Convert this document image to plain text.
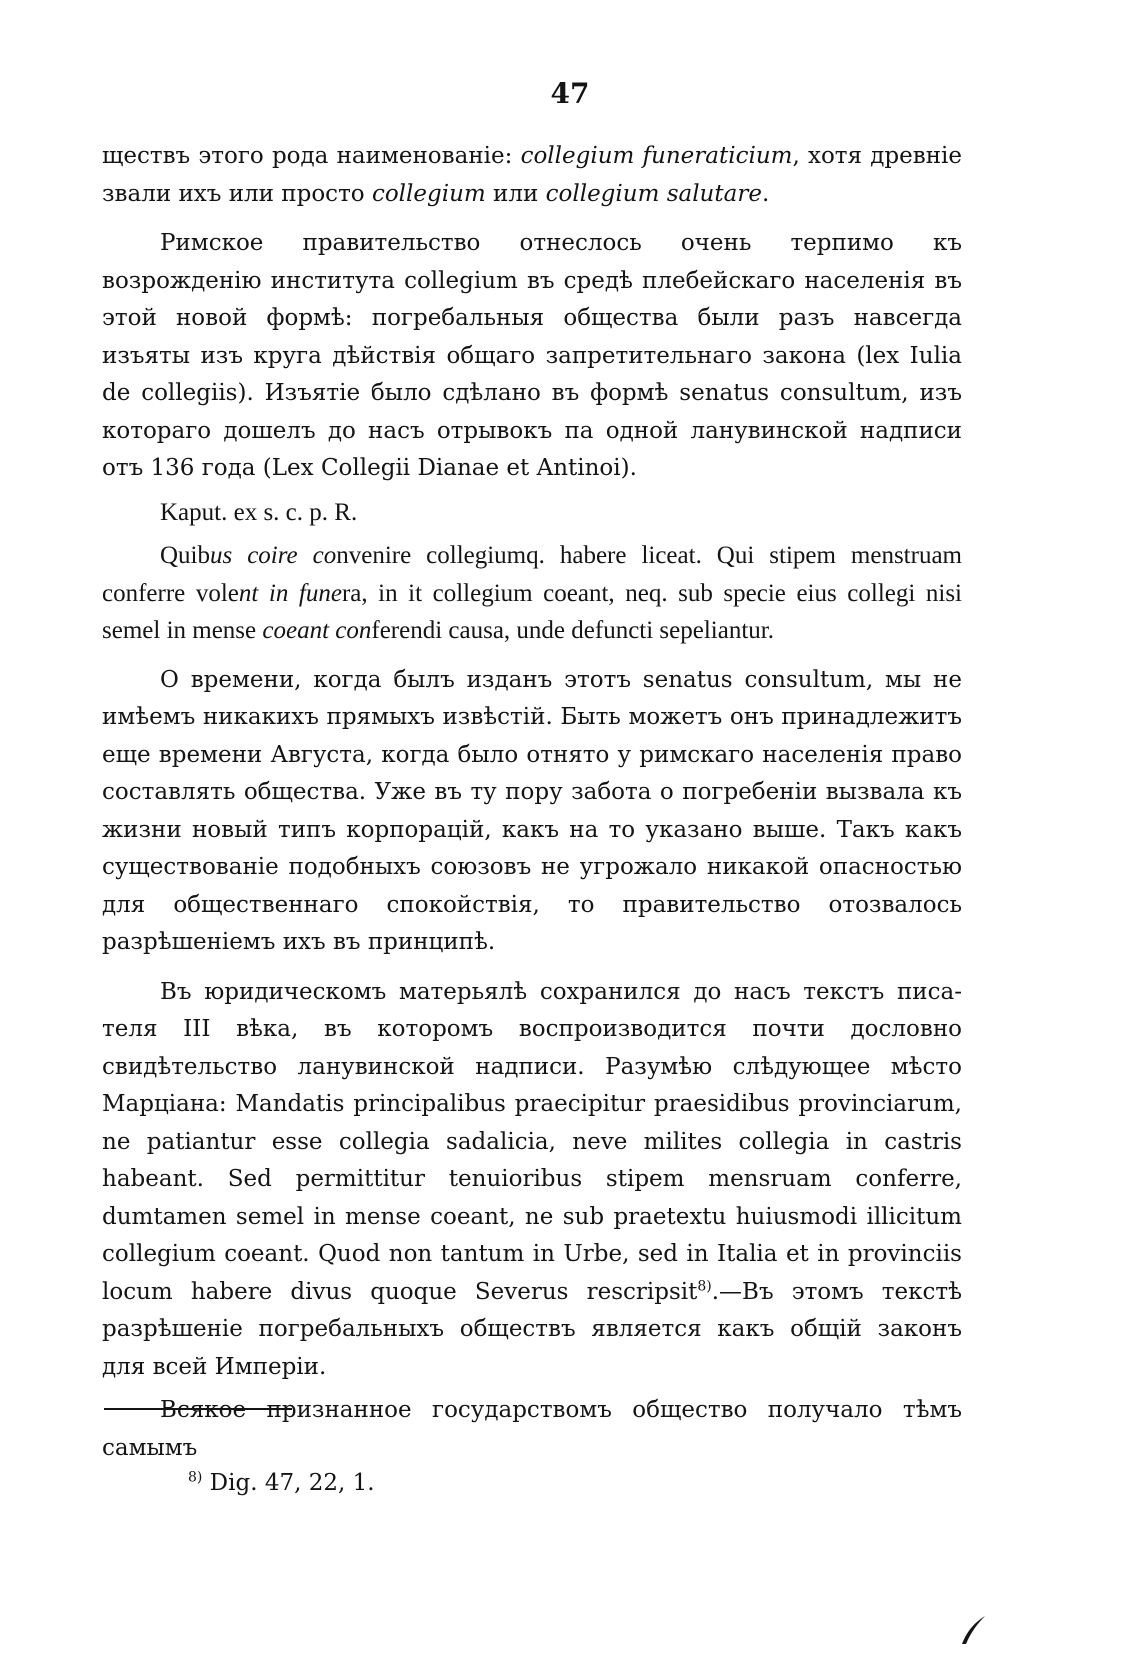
47

ществъ этого рода наименованіе: collegium funeraticium, хотя древніе звали ихъ или просто collegium или collegium salutare.

Римское правительство отнеслось очень терпимо къ возрожденію института collegium въ средѣ плебейскаго населенія въ этой новой формѣ: погребальныя общества были разъ навсегда изъяты изъ круга дѣйствія общаго запретительнаго закона (lex Iulia de collegiis). Изъятіе было сдѣлано въ формѣ senatus consultum, изъ котораго дошелъ до насъ отрывокъ па одной ланувинской надписи отъ 136 года (Lex Collegii Dianae et Antinoi).

Kaput. ex s. c. p. R.

Quibus coire convenire collegiumq. habere liceat. Qui stipem menstruam conferre volent in funera, in it collegium coeant, neq. sub specie eius collegi nisi semel in mense coeant conferendi causa, unde defuncti sepeliantur.

О времени, когда былъ изданъ этотъ senatus consultum, мы не имѣемъ никакихъ прямыхъ извѣстій. Быть можетъ онъ принадлежитъ еще времени Августа, когда было отнято у римскаго населенія право составлять общества. Уже въ ту пору забота о погребеніи вызвала къ жизни новый типъ корпорацій, какъ на то указано выше. Такъ какъ существованіе подобныхъ союзовъ не угрожало никакой опасностью для общественнаго спокойствія, то правительство отозвалось разрѣшеніемъ ихъ въ принципѣ.

Въ юридическомъ матерьялѣ сохранился до насъ текстъ писателя III вѣка, въ которомъ воспроизводится почти дословно свидѣтельство ланувинской надписи. Разумѣю слѣдующее мѣсто Марціана: Mandatis principalibus praecipitur praesidibus provinciarum, ne patiantur esse collegia sadalicia, neve milites collegia in castris habeant. Sed permittitur tenuioribus stipem mensruam conferre, dumtamen semel in mense coeant, ne sub praetextu huiusmodi illicitum collegium coeant. Quod non tantum in Urbe, sed in Italia et in provinciis locum habere divus quoque Severus rescripsit$^{8)}$.—Въ этомъ текстѣ разрѣшеніе погребальныхъ обществъ является какъ общій законъ для всей Имперіи.

Всякое признанное государствомъ общество получало тѣмъ самымъ

$^{8)}$ Dig. 47, 22, 1.
